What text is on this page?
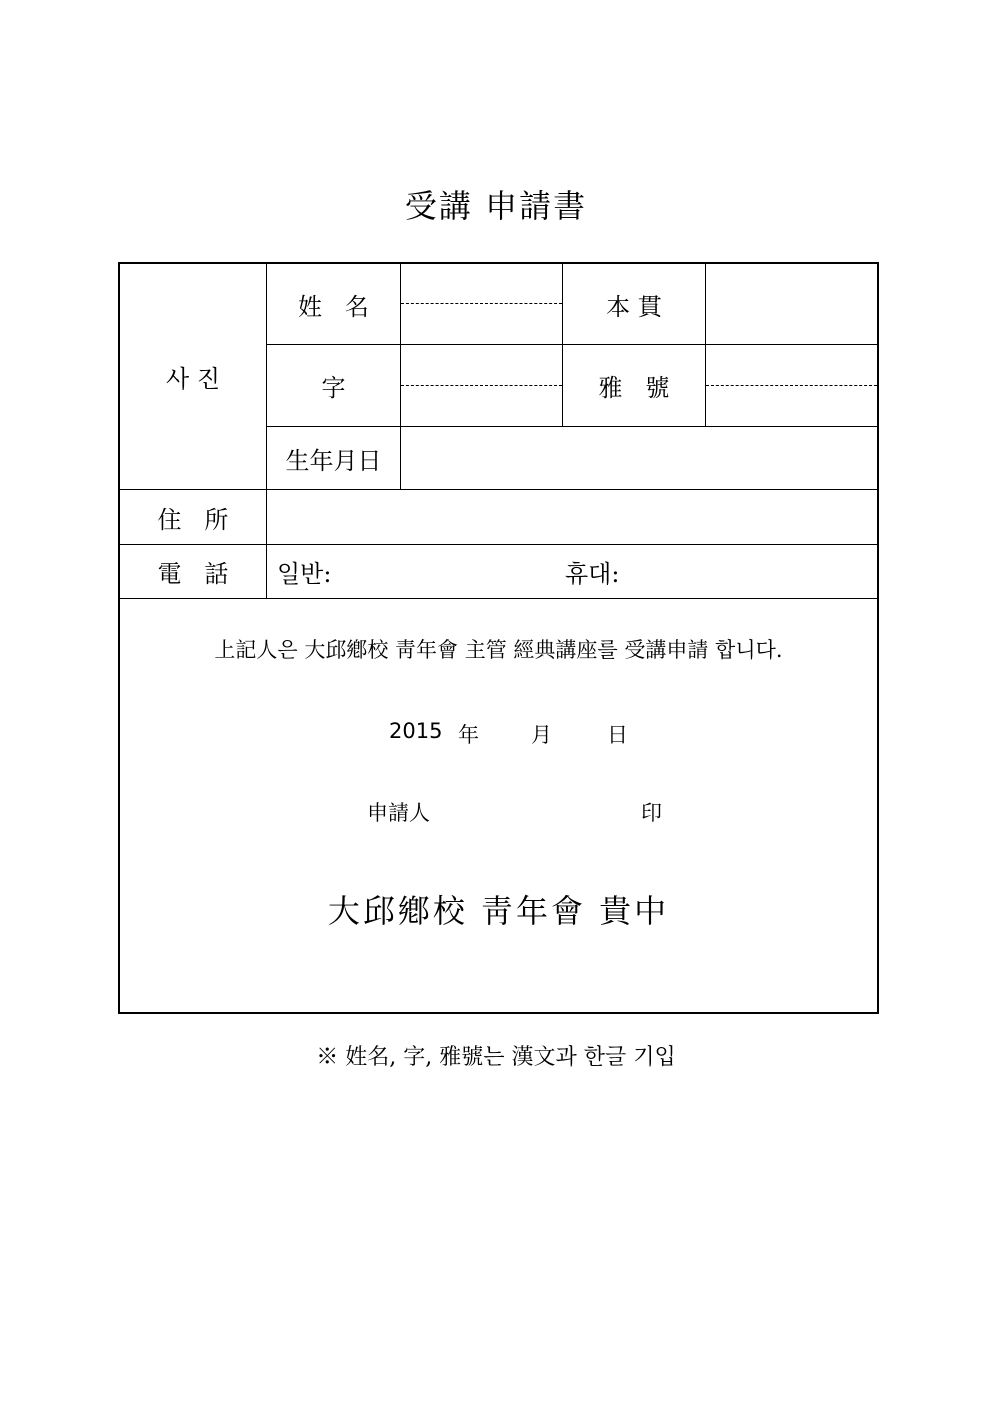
受講 申請書
사 진
姓   名	本 貫
字	雅   號
生年月日
住   所
電   話	일반:	휴대:
上記人은 大邱鄕校 靑年會 主管 經典講座를 受講申請 합니다.
2015 年 月	日
申請人	印
大邱鄕校 靑年會 貴中
※ 姓名, 字, 雅號는 漢文과 한글 기입
